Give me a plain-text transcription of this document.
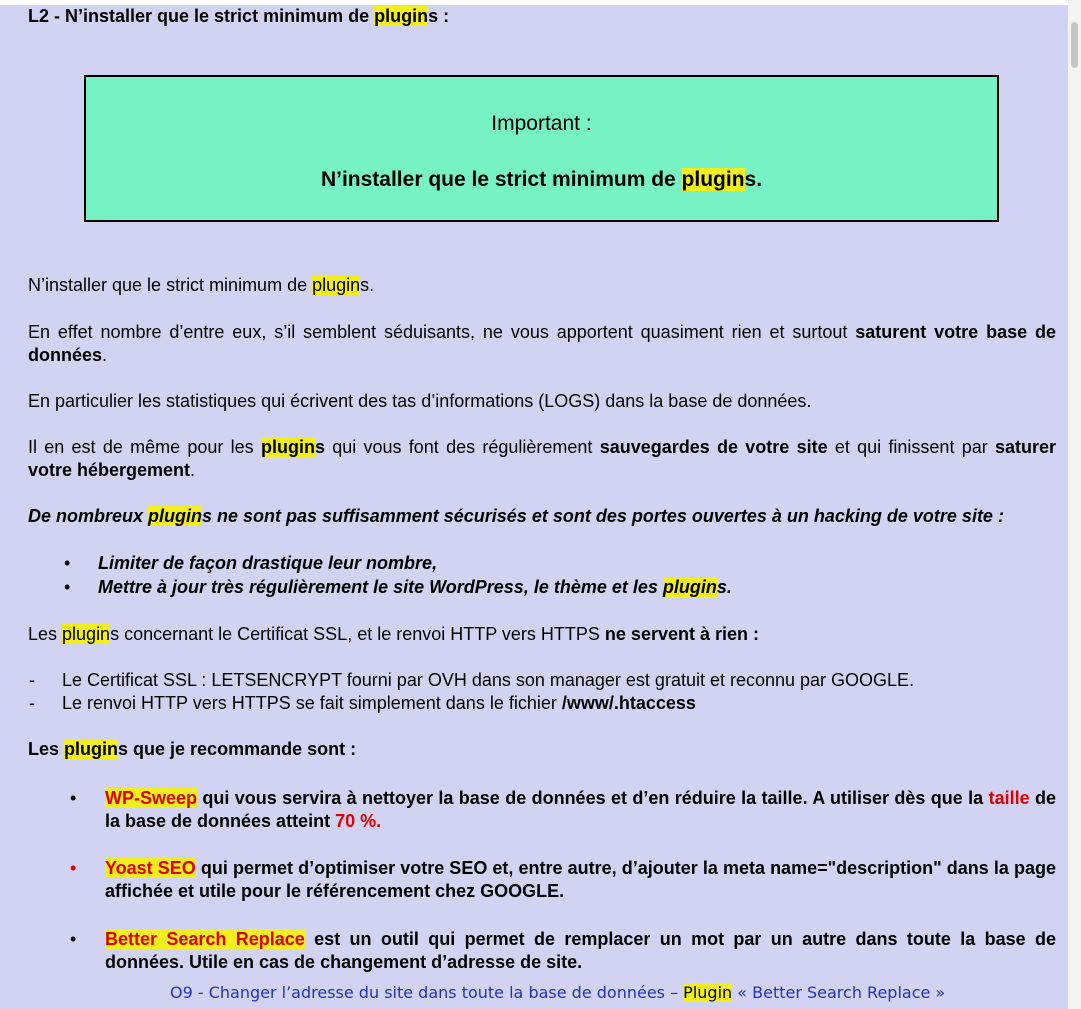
L2 - N’installer que le strict minimum de plugins :
Important :
N’installer que le strict minimum de plugins.
N’installer que le strict minimum de plugins.
En effet nombre d’entre eux, s’il semblent séduisants, ne vous apportent quasiment rien et surtout saturent votre base de données.
En particulier les statistiques qui écrivent des tas d’informations (LOGS) dans la base de données.
Il en est de même pour les plugins qui vous font des régulièrement sauvegardes de votre site et qui finissent par saturer votre hébergement.
De nombreux plugins ne sont pas suffisamment sécurisés et sont des portes ouvertes à un hacking de votre site :
• Limiter de façon drastique leur nombre,
• Mettre à jour très régulièrement le site WordPress, le thème et les plugins.
Les plugins concernant le Certificat SSL, et le renvoi HTTP vers HTTPS ne servent à rien :
- Le Certificat SSL : LETSENCRYPT fourni par OVH dans son manager est gratuit et reconnu par GOOGLE.
- Le renvoi HTTP vers HTTPS se fait simplement dans le fichier /www/.htaccess
Les plugins que je recommande sont :
• WP-Sweep qui vous servira à nettoyer la base de données et d’en réduire la taille. A utiliser dès que la taille de la base de données atteint 70 %.
• Yoast SEO qui permet d’optimiser votre SEO et, entre autre, d’ajouter la meta name="description" dans la page affichée et utile pour le référencement chez GOOGLE.
• Better Search Replace est un outil qui permet de remplacer un mot par un autre dans toute la base de données. Utile en cas de changement d’adresse de site.
O9 - Changer l’adresse du site dans toute la base de données – Plugin « Better Search Replace »
